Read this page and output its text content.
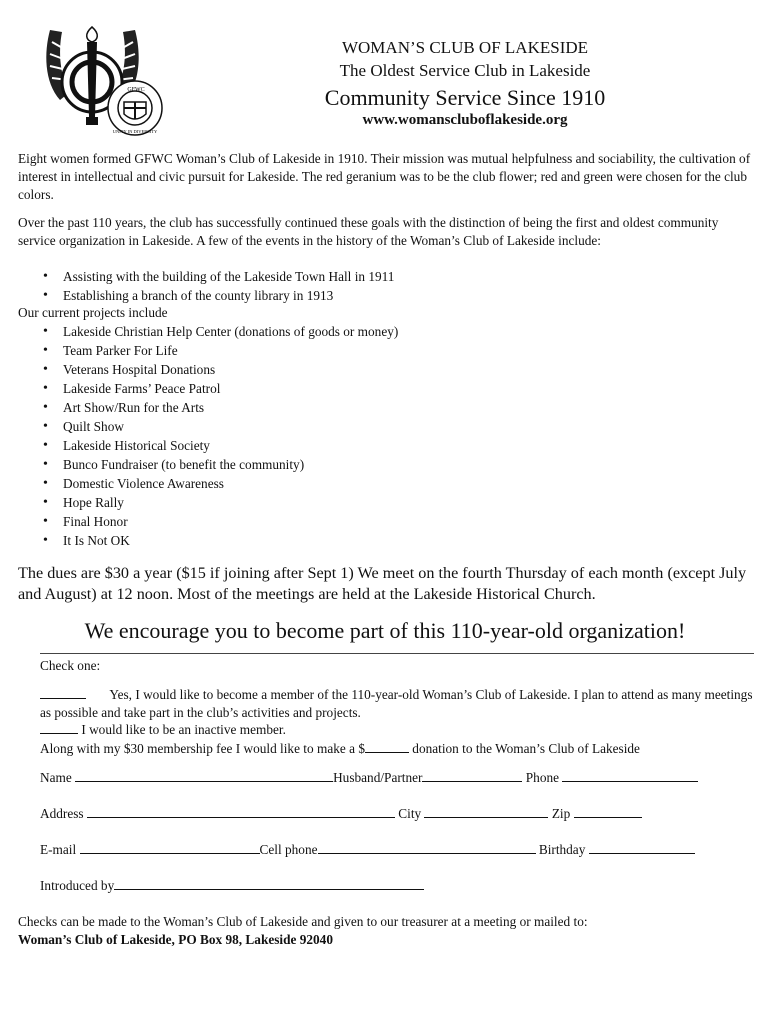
GFWC
UNITY IN DIVERSITY
WOMAN’S CLUB OF LAKESIDE
The Oldest Service Club in Lakeside
Community Service Since 1910
www.womanscluboflakeside.org
Eight women formed GFWC Woman’s Club of Lakeside in 1910. Their mission was mutual helpfulness and sociability, the cultivation of interest in intellectual and civic pursuit for Lakeside. The red geranium was to be the club flower; red and green were chosen for the club colors.
Over the past 110 years, the club has successfully continued these goals with the distinction of being the first and oldest community service organization in Lakeside. A few of the events in the history of the Woman’s Club of Lakeside include:
• Assisting with the building of the Lakeside Town Hall in 1911
• Establishing a branch of the county library in 1913
Our current projects include
• Lakeside Christian Help Center (donations of goods or money)
• Team Parker For Life
• Veterans Hospital Donations
• Lakeside Farms’ Peace Patrol
• Art Show/Run for the Arts
• Quilt Show
• Lakeside Historical Society
• Bunco Fundraiser (to benefit the community)
• Domestic Violence Awareness
• Hope Rally
• Final Honor
• It Is Not OK
The dues are $30 a year ($15 if joining after Sept 1) We meet on the fourth Thursday of each month (except July and August) at 12 noon. Most of the meetings are held at the Lakeside Historical Church.
We encourage you to become part of this 110-year-old organization!
Check one:
Yes, I would like to become a member of the 110-year-old Woman’s Club of Lakeside. I plan to attend as many meetings as possible and take part in the club’s activities and projects.
I would like to be an inactive member.
Along with my $30 membership fee I would like to make a $	donation to the Woman’s Club of Lakeside
Name	Husband/Partner	Phone
Address	City	Zip
E-mail	Cell phone	Birthday
Introduced by
Checks can be made to the Woman’s Club of Lakeside and given to our treasurer at a meeting or mailed to:
Woman’s Club of Lakeside, PO Box 98, Lakeside 92040
